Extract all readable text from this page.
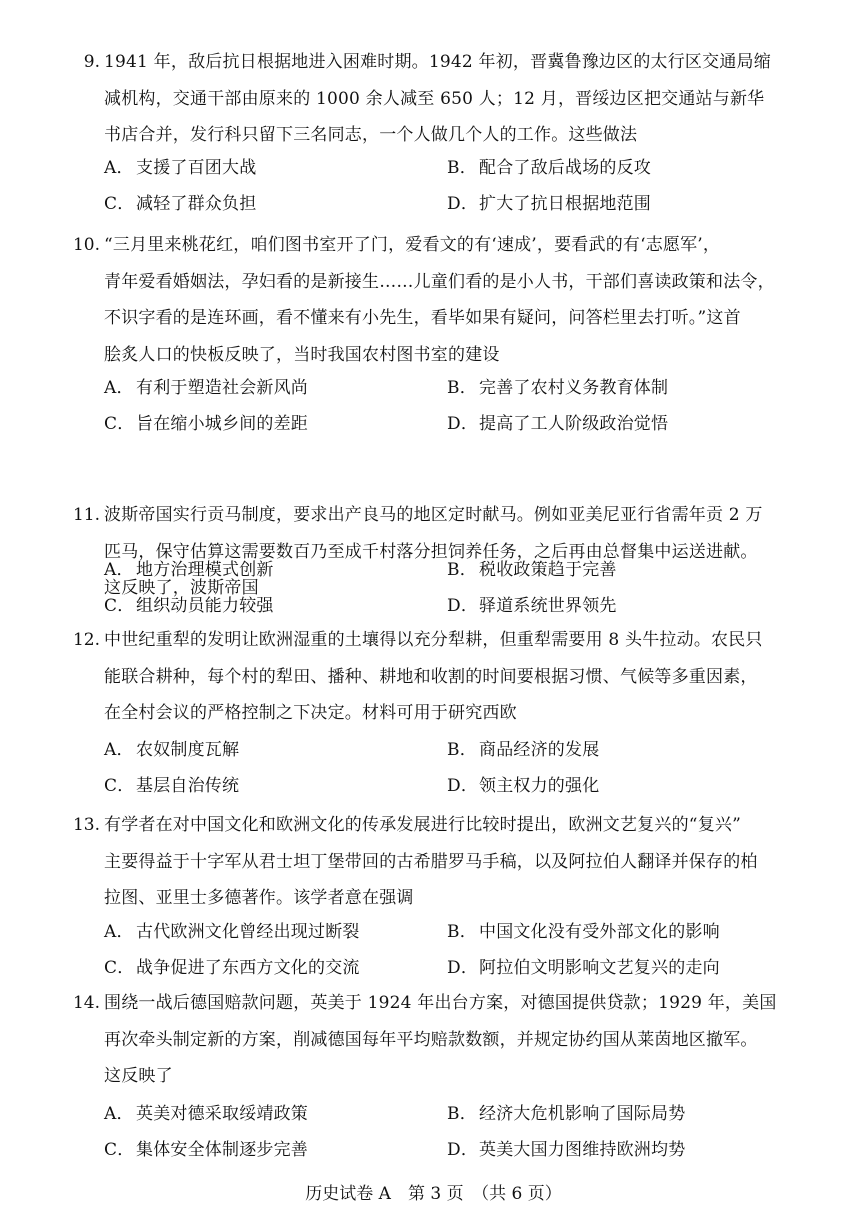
9. 1941 年，敌后抗日根据地进入困难时期。1942 年初，晋冀鲁豫边区的太行区交通局缩
减机构，交通干部由原来的 1000 余人减至 650 人；12 月，晋绥边区把交通站与新华
书店合并，发行科只留下三名同志，一个人做几个人的工作。这些做法
A． 支援了百团大战	B． 配合了敌后战场的反攻
C．减轻了群众负担	D．扩大了抗日根据地范围
10. “三月里来桃花红，咱们图书室开了门，爱看文的有‘速成’，要看武的有‘志愿军’，
青年爱看婚姻法，孕妇看的是新接生……儿童们看的是小人书，干部们喜读政策和法令，
不识字看的是连环画，看不懂来有小先生，看毕如果有疑问，问答栏里去打听。”这首
脍炙人口的快板反映了，当时我国农村图书室的建设
A． 有利于塑造社会新风尚	B． 完善了农村义务教育体制
C．旨在缩小城乡间的差距	D．提高了工人阶级政治觉悟
11. 波斯帝国实行贡马制度，要求出产良马的地区定时献马。例如亚美尼亚行省需年贡 2 万
匹马，保守估算这需要数百乃至成千村落分担饲养任务，之后再由总督集中运送进献。
这反映了，波斯帝国
A． 地方治理模式创新	B． 税收政策趋于完善
C．组织动员能力较强	D．驿道系统世界领先
12. 中世纪重犁的发明让欧洲湿重的土壤得以充分犁耕，但重犁需要用 8 头牛拉动。农民只
能联合耕种，每个村的犁田、播种、耕地和收割的时间要根据习惯、气候等多重因素，
在全村会议的严格控制之下决定。材料可用于研究西欧
A． 农奴制度瓦解	B． 商品经济的发展
C．基层自治传统	D．领主权力的强化
13. 有学者在对中国文化和欧洲文化的传承发展进行比较时提出，欧洲文艺复兴的“复兴”
主要得益于十字军从君士坦丁堡带回的古希腊罗马手稿，以及阿拉伯人翻译并保存的柏
拉图、亚里士多德著作。该学者意在强调
A． 古代欧洲文化曾经出现过断裂	B． 中国文化没有受外部文化的影响
C．战争促进了东西方文化的交流	D．阿拉伯文明影响文艺复兴的走向
14. 围绕一战后德国赔款问题，英美于 1924 年出台方案，对德国提供贷款；1929 年，美国
再次牵头制定新的方案，削减德国每年平均赔款数额，并规定协约国从莱茵地区撤军。
这反映了
A． 英美对德采取绥靖政策	B． 经济大危机影响了国际局势
C．集体安全体制逐步完善	D．英美大国力图维持欧洲均势
历史试卷 A　第 3 页　（共 6 页）
